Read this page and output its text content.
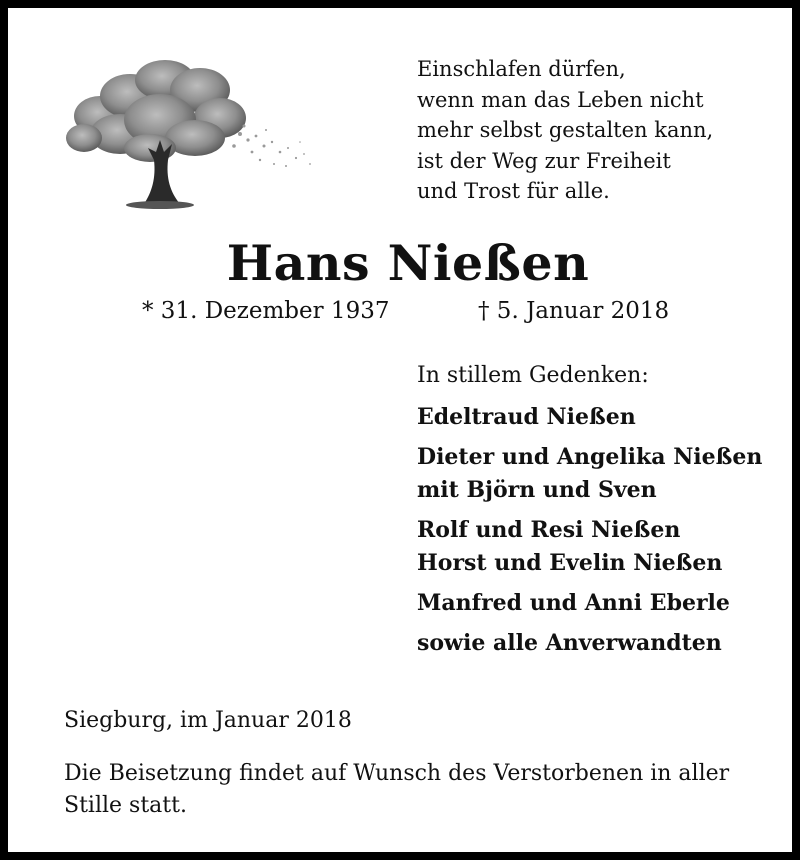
Einschlafen dürfen,
wenn man das Leben nicht
mehr selbst gestalten kann,
ist der Weg zur Freiheit
und Trost für alle.
Hans Nießen
* 31. Dezember 1937	† 5. Januar 2018
In stillem Gedenken:
Edeltraud Nießen
Dieter und Angelika Nießen
mit Björn und Sven
Rolf und Resi Nießen
Horst und Evelin Nießen
Manfred und Anni Eberle
sowie alle Anverwandten
Siegburg, im Januar 2018
Die Beisetzung findet auf Wunsch des Verstorbenen in aller Stille statt.
